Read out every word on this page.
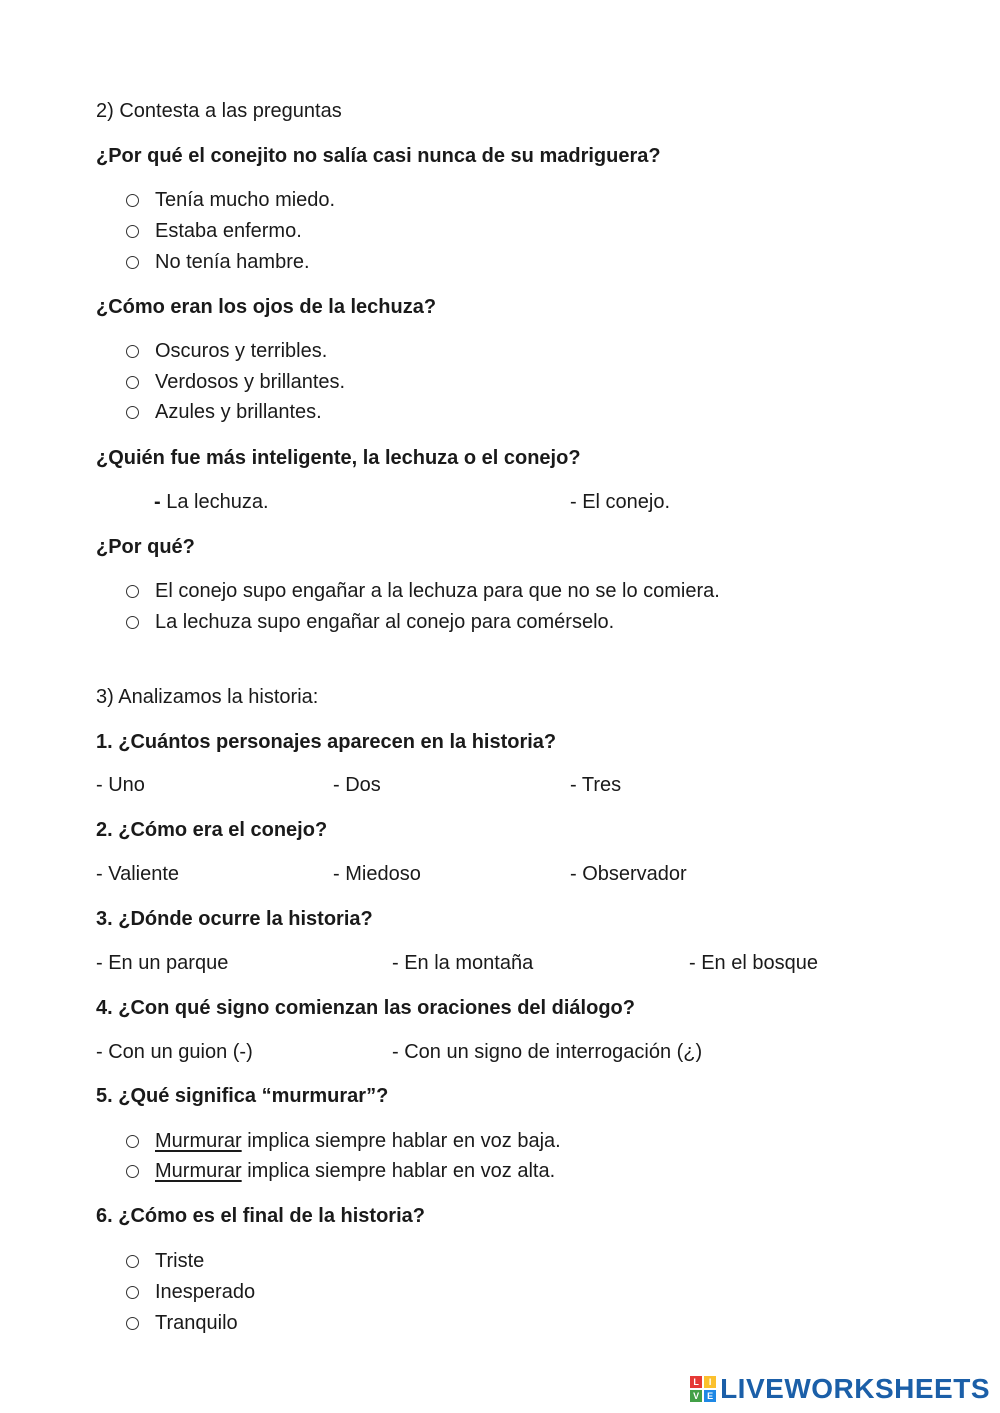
2) Contesta a las preguntas
¿Por qué el conejito no salía casi nunca de su madriguera?
Tenía mucho miedo.
Estaba enfermo.
No tenía hambre.
¿Cómo eran los ojos de la lechuza?
Oscuros y terribles.
Verdosos y brillantes.
Azules y brillantes.
¿Quién fue más inteligente, la lechuza o el conejo?
- La lechuza.	- El conejo.
¿Por qué?
El conejo supo engañar a la lechuza para que no se lo comiera.
La lechuza supo engañar al conejo para comérselo.
3) Analizamos la historia:
1. ¿Cuántos personajes aparecen en la historia?
- Uno	- Dos	- Tres
2. ¿Cómo era el conejo?
- Valiente	- Miedoso	- Observador
3. ¿Dónde ocurre la historia?
- En un parque	- En la montaña	- En el bosque
4. ¿Con qué signo comienzan las oraciones del diálogo?
- Con un guion (-)	- Con un signo de interrogación (¿)
5. ¿Qué significa “murmurar”?
Murmurar implica siempre hablar en voz baja.
Murmurar implica siempre hablar en voz alta.
6. ¿Cómo es el final de la historia?
Triste
Inesperado
Tranquilo
L	I
V E LIVEWORKSHEETS
